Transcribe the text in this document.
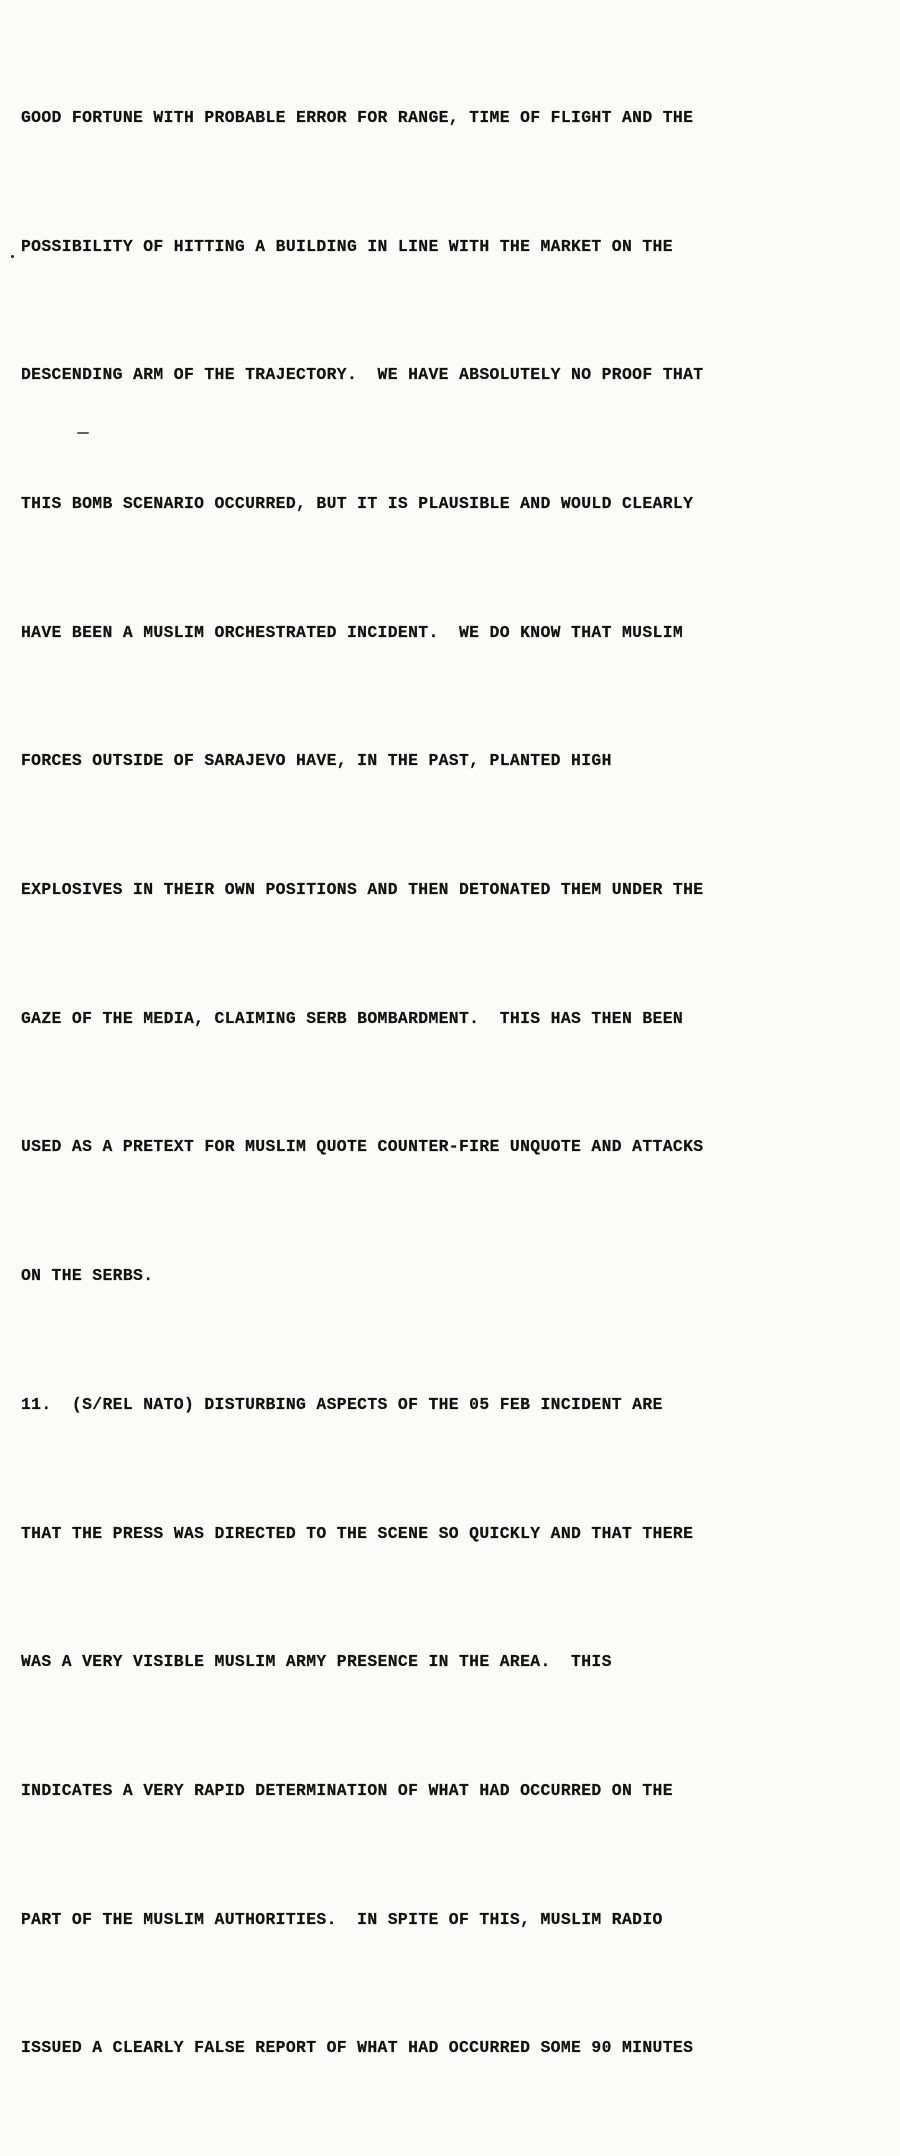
GOOD FORTUNE WITH PROBABLE ERROR FOR RANGE, TIME OF FLIGHT AND THE

POSSIBILITY OF HITTING A BUILDING IN LINE WITH THE MARKET ON THE

DESCENDING ARM OF THE TRAJECTORY.  WE HAVE ABSOLUTELY NO PROOF THAT

THIS BOMB SCENARIO OCCURRED, BUT IT IS PLAUSIBLE AND WOULD CLEARLY

HAVE BEEN A MUSLIM ORCHESTRATED INCIDENT.  WE DO KNOW THAT MUSLIM

FORCES OUTSIDE OF SARAJEVO HAVE, IN THE PAST, PLANTED HIGH

EXPLOSIVES IN THEIR OWN POSITIONS AND THEN DETONATED THEM UNDER THE

GAZE OF THE MEDIA, CLAIMING SERB BOMBARDMENT.  THIS HAS THEN BEEN

USED AS A PRETEXT FOR MUSLIM QUOTE COUNTER-FIRE UNQUOTE AND ATTACKS

ON THE SERBS.

11.  (S/REL NATO) DISTURBING ASPECTS OF THE 05 FEB INCIDENT ARE

THAT THE PRESS WAS DIRECTED TO THE SCENE SO QUICKLY AND THAT THERE

WAS A VERY VISIBLE MUSLIM ARMY PRESENCE IN THE AREA.  THIS

INDICATES A VERY RAPID DETERMINATION OF WHAT HAD OCCURRED ON THE

PART OF THE MUSLIM AUTHORITIES.  IN SPITE OF THIS, MUSLIM RADIO

ISSUED A CLEARLY FALSE REPORT OF WHAT HAD OCCURRED SOME 90 MINUTES
